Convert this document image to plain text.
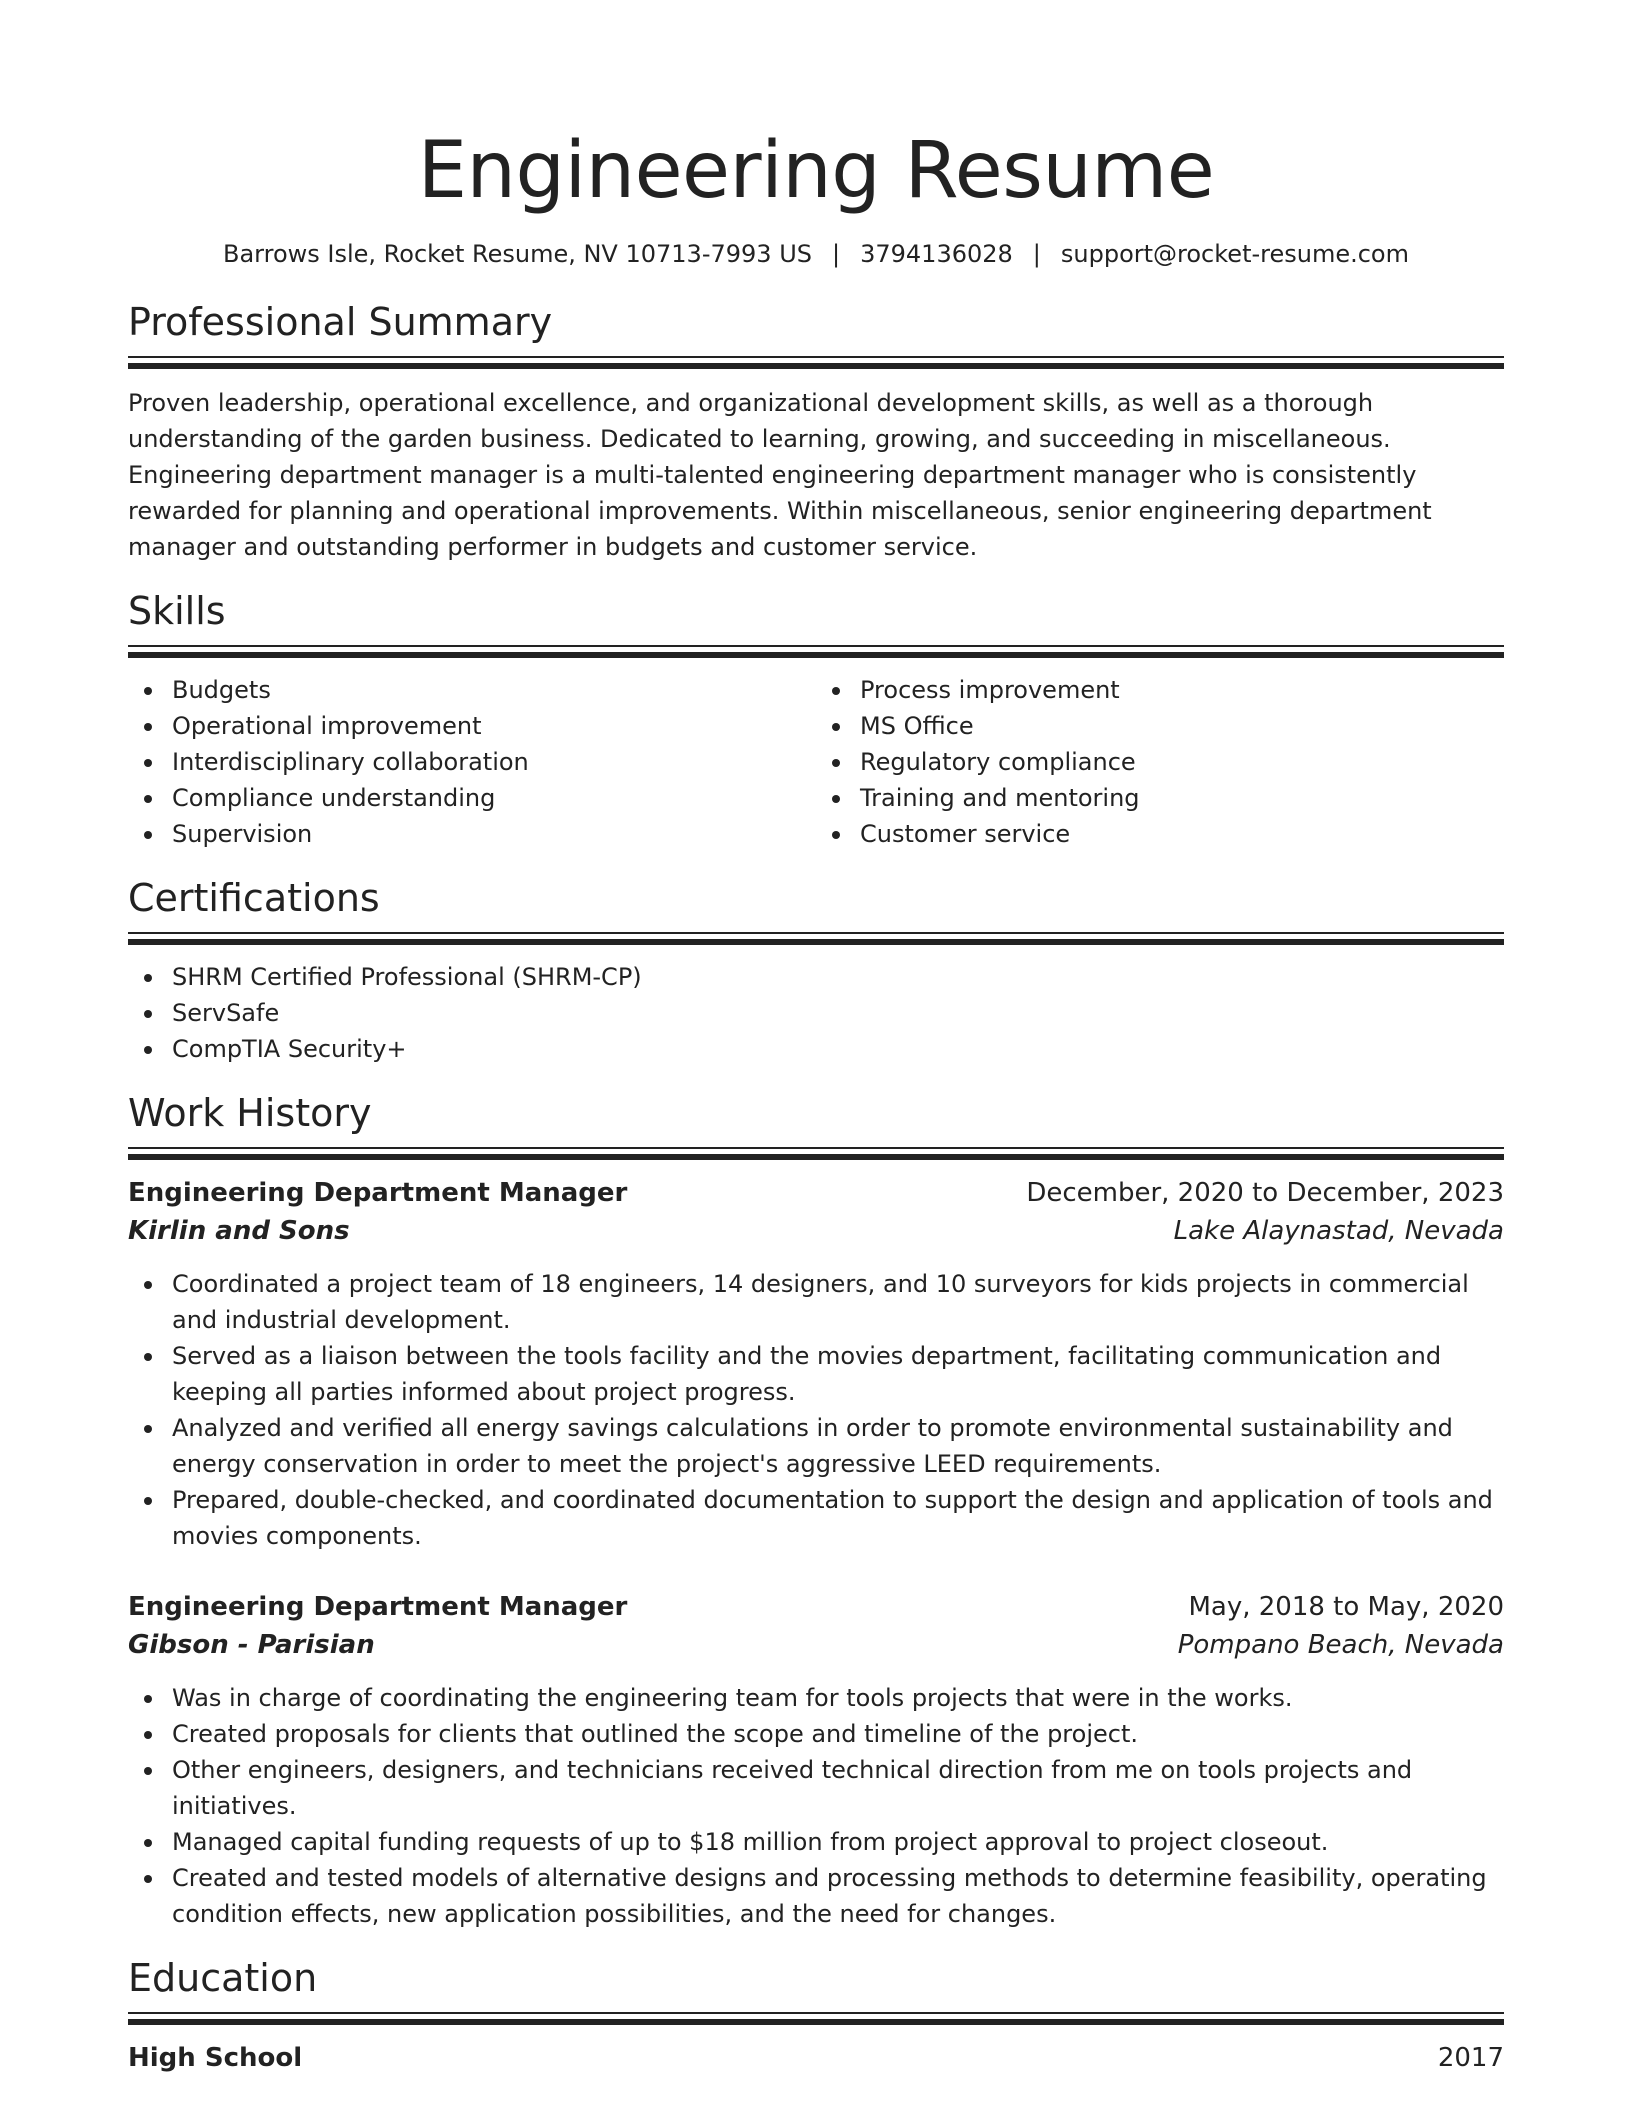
Engineering Resume
Barrows Isle, Rocket Resume, NV 10713-7993 US | 3794136028 | support@rocket-resume.com
Professional Summary

Proven leadership, operational excellence, and organizational development skills, as well as a thorough understanding of the garden business. Dedicated to learning, growing, and succeeding in miscellaneous. Engineering department manager is a multi-talented engineering department manager who is consistently rewarded for planning and operational improvements. Within miscellaneous, senior engineering department manager and outstanding performer in budgets and customer service.

Skills
Budgets
Operational improvement
Interdisciplinary collaboration
Compliance understanding
Supervision
Process improvement
MS Office
Regulatory compliance
Training and mentoring
Customer service
Certifications
SHRM Certified Professional (SHRM-CP)
ServSafe
CompTIA Security+
Work History
Engineering Department Manager	December, 2020 to December, 2023
Kirlin and Sons	Lake Alaynastad, Nevada
Coordinated a project team of 18 engineers, 14 designers, and 10 surveyors for kids projects in commercial and industrial development.
Served as a liaison between the tools facility and the movies department, facilitating communication and keeping all parties informed about project progress.
Analyzed and verified all energy savings calculations in order to promote environmental sustainability and energy conservation in order to meet the project's aggressive LEED requirements.
Prepared, double-checked, and coordinated documentation to support the design and application of tools and movies components.
Engineering Department Manager	May, 2018 to May, 2020
Gibson - Parisian	Pompano Beach, Nevada
Was in charge of coordinating the engineering team for tools projects that were in the works.
Created proposals for clients that outlined the scope and timeline of the project.
Other engineers, designers, and technicians received technical direction from me on tools projects and initiatives.
Managed capital funding requests of up to $18 million from project approval to project closeout.
Created and tested models of alternative designs and processing methods to determine feasibility, operating condition effects, new application possibilities, and the need for changes.
Education
High School	2017
